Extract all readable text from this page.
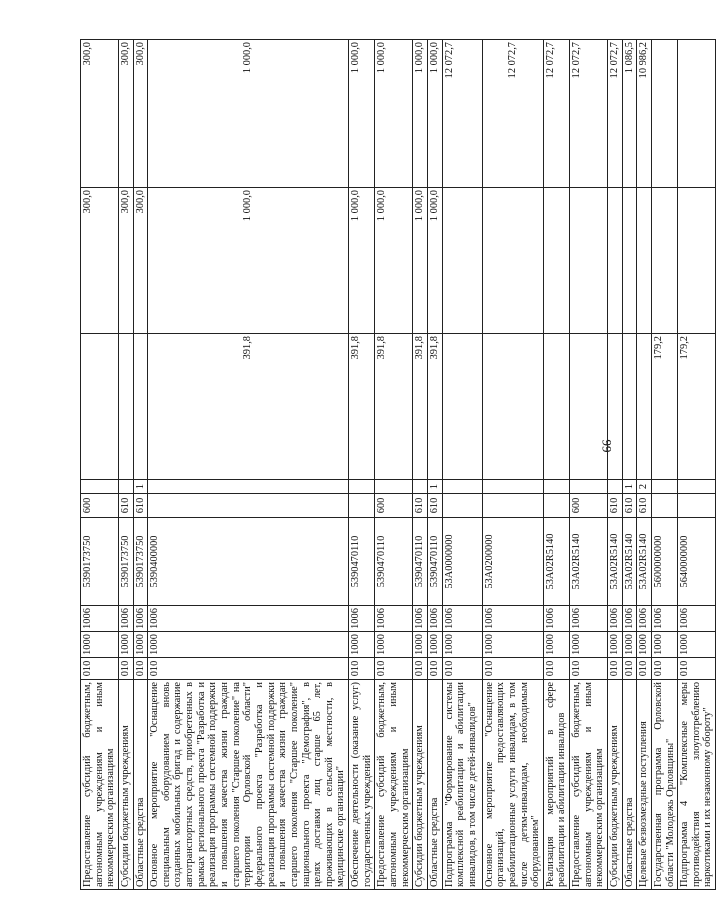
99
Предоставление субсидий бюджетным, автономным учреждениям и иным некоммерческим организациям	010	1000	1006	5390173750	600			300,0	300,0
Субсидии бюджетным учреждениям	010	1000	1006	5390173750	610			300,0	300,0
Областные средства	010	1000	1006	5390173750	610	1		300,0	300,0
Основное мероприятие "Оснащение специальным оборудованием вновь созданных мобильных бригад и содержание автотранспортных средств, приобретенных в рамках регионального проекта "Разработка и реализация программы системной поддержки и повышения качества жизни граждан старшего поколения "Старшее поколение" на территории Орловской области" федерального проекта "Разработка и реализация программы системной поддержки и повышения качества жизни граждан старшего поколения "Старшее поколение" национального проекта "Демография", в целях доставки лиц старше 65 лет, проживающих в сельской местности, в медицинские организации"	010	1000	1006	5390400000			391,8	1 000,0	1 000,0
Обеспечение деятельности (оказание услуг) государственных учреждений	010	1000	1006	5390470110			391,8	1 000,0	1 000,0
Предоставление субсидий бюджетным, автономным учреждениям и иным некоммерческим организациям	010	1000	1006	5390470110	600		391,8	1 000,0	1 000,0
Субсидии бюджетным учреждениям	010	1000	1006	5390470110	610		391,8	1 000,0	1 000,0
Областные средства	010	1000	1006	5390470110	610	1	391,8	1 000,0	1 000,0
Подпрограмма "Формирование системы комплексной реабилитации и абилитации инвалидов, в том числе детей-инвалидов"	010	1000	1006	53А0000000					12 072,7
Основное мероприятие "Оснащение организаций, предоставляющих реабилитационные услуги инвалидам, в том числе детям-инвалидам, необходимым оборудованием"	010	1000	1006	53А0200000					12 072,7
Реализация мероприятий в сфере реабилитации и абилитации инвалидов	010	1000	1006	53А02R5140					12 072,7
Предоставление субсидий бюджетным, автономным учреждениям и иным некоммерческим организациям	010	1000	1006	53А02R5140	600				12 072,7
Субсидии бюджетным учреждениям	010	1000	1006	53А02R5140	610				12 072,7
Областные средства	010	1000	1006	53А02R5140	610	1			1 086,5
Целевые безвозмездные поступления	010	1000	1006	53А02R5140	610	2			10 986,2
Государственная программа Орловской области "Молодежь Орловщины"	010	1000	1006	5600000000			179,2		
Подпрограмма 4 "Комплексные меры противодействия злоупотреблению наркотиками и их незаконному обороту"	010	1000	1006	5640000000			179,2		
